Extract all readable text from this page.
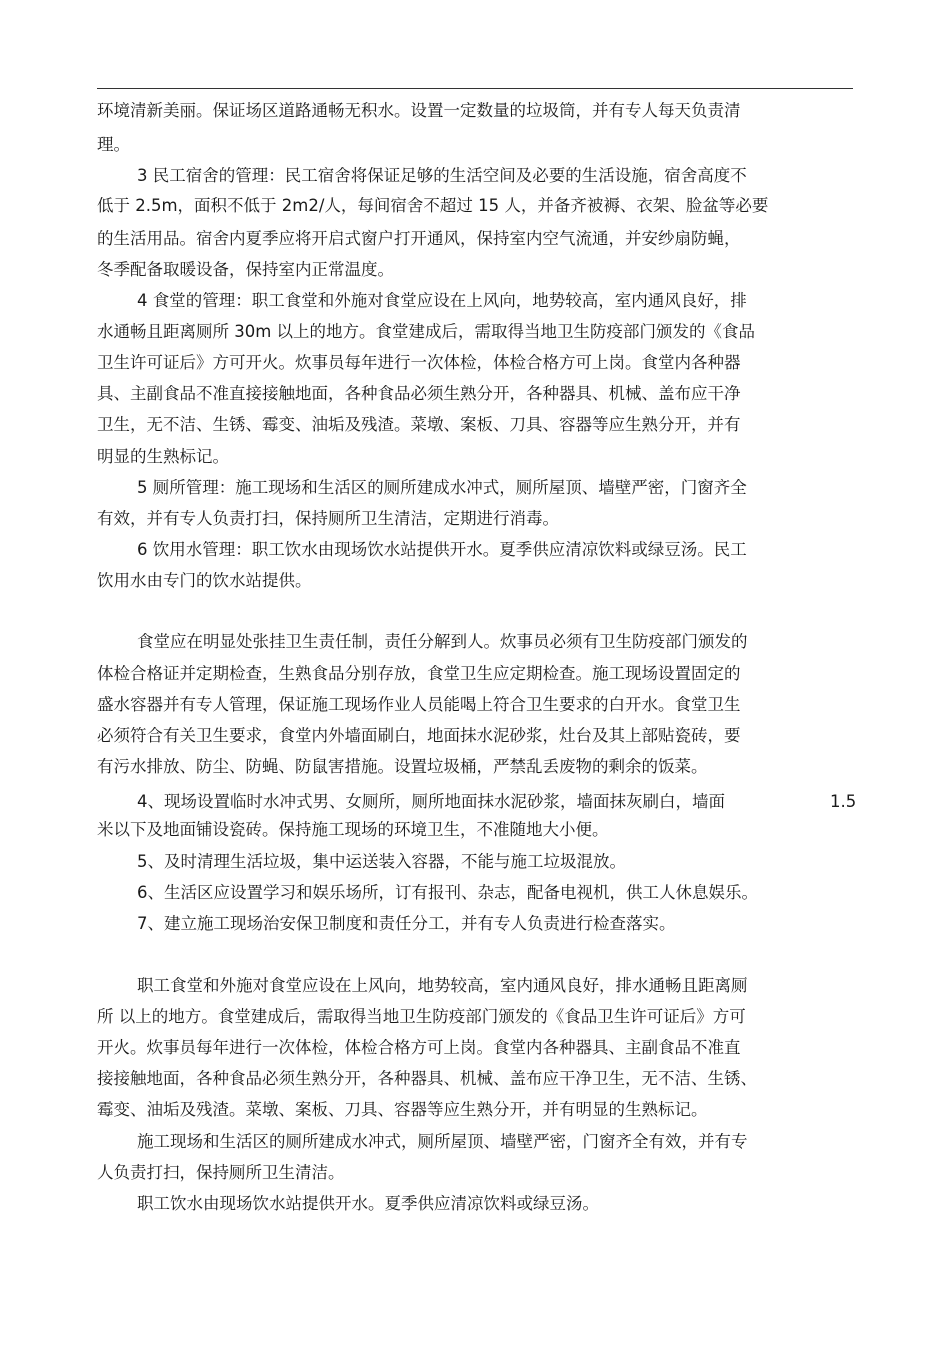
环境清新美丽。保证场区道路通畅无积水。设置一定数量的垃圾筒，并有专人每天负责清
理。
3 民工宿舍的管理：民工宿舍将保证足够的生活空间及必要的生活设施，宿舍高度不
低于 2.5m，面积不低于 2m2/人，每间宿舍不超过 15 人，并备齐被褥、衣架、脸盆等必要
的生活用品。宿舍内夏季应将开启式窗户打开通风，保持室内空气流通，并安纱扇防蝇，
冬季配备取暖设备，保持室内正常温度。
4 食堂的管理：职工食堂和外施对食堂应设在上风向，地势较高，室内通风良好，排
水通畅且距离厕所 30m 以上的地方。食堂建成后，需取得当地卫生防疫部门颁发的《食品
卫生许可证后》方可开火。炊事员每年进行一次体检，体检合格方可上岗。食堂内各种器
具、主副食品不准直接接触地面，各种食品必须生熟分开，各种器具、机械、盖布应干净
卫生，无不洁、生锈、霉变、油垢及残渣。菜墩、案板、刀具、容器等应生熟分开，并有
明显的生熟标记。
5 厕所管理：施工现场和生活区的厕所建成水冲式，厕所屋顶、墙壁严密，门窗齐全
有效，并有专人负责打扫，保持厕所卫生清洁，定期进行消毒。
6 饮用水管理：职工饮水由现场饮水站提供开水。夏季供应清凉饮料或绿豆汤。民工
饮用水由专门的饮水站提供。
食堂应在明显处张挂卫生责任制，责任分解到人。炊事员必须有卫生防疫部门颁发的
体检合格证并定期检查，生熟食品分别存放，食堂卫生应定期检查。施工现场设置固定的
盛水容器并有专人管理，保证施工现场作业人员能喝上符合卫生要求的白开水。食堂卫生
必须符合有关卫生要求，食堂内外墙面刷白，地面抹水泥砂浆，灶台及其上部贴瓷砖，要
有污水排放、防尘、防蝇、防鼠害措施。设置垃圾桶，严禁乱丢废物的剩余的饭菜。
4、现场设置临时水冲式男、女厕所，厕所地面抹水泥砂浆，墙面抹灰刷白，墙面	1.5
米以下及地面铺设瓷砖。保持施工现场的环境卫生，不准随地大小便。
5、及时清理生活垃圾，集中运送装入容器，不能与施工垃圾混放。
6、生活区应设置学习和娱乐场所，订有报刊、杂志，配备电视机，供工人休息娱乐。
7、建立施工现场治安保卫制度和责任分工，并有专人负责进行检查落实。
职工食堂和外施对食堂应设在上风向，地势较高，室内通风良好，排水通畅且距离厕
所 以上的地方。食堂建成后，需取得当地卫生防疫部门颁发的《食品卫生许可证后》方可
开火。炊事员每年进行一次体检，体检合格方可上岗。食堂内各种器具、主副食品不准直
接接触地面，各种食品必须生熟分开，各种器具、机械、盖布应干净卫生，无不洁、生锈、
霉变、油垢及残渣。菜墩、案板、刀具、容器等应生熟分开，并有明显的生熟标记。
施工现场和生活区的厕所建成水冲式，厕所屋顶、墙壁严密，门窗齐全有效，并有专
人负责打扫，保持厕所卫生清洁。
职工饮水由现场饮水站提供开水。夏季供应清凉饮料或绿豆汤。
